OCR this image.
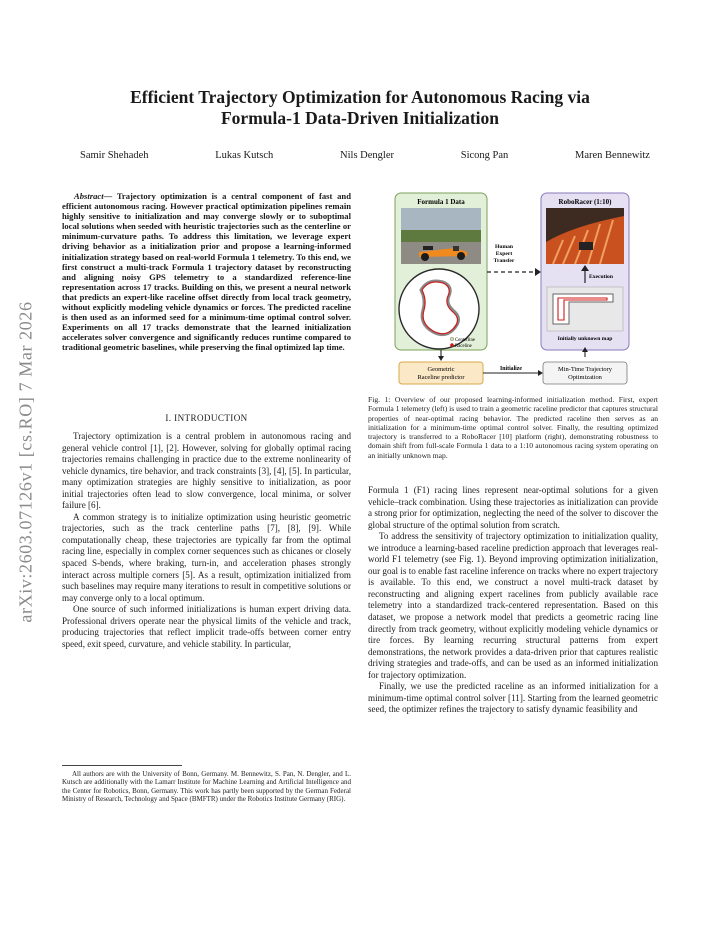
arXiv:2603.07126v1 [cs.RO] 7 Mar 2026
Efficient Trajectory Optimization for Autonomous Racing via
Formula-1 Data-Driven Initialization
Samir Shehadeh	Lukas Kutsch	Nils Dengler	Sicong Pan	Maren Bennewitz
Abstract— Trajectory optimization is a central component of fast and efficient autonomous racing. However practical optimization pipelines remain highly sensitive to initialization and may converge slowly or to suboptimal local solutions when seeded with heuristic trajectories such as the centerline or minimum-curvature paths. To address this limitation, we leverage expert driving behavior as a initialization prior and propose a learning-informed initialization strategy based on real-world Formula 1 telemetry. To this end, we first construct a multi-track Formula 1 trajectory dataset by reconstructing and aligning noisy GPS telemetry to a standardized reference-line representation across 17 tracks. Building on this, we present a neural network that predicts an expert-like raceline offset directly from local track geometry, without explicitly modeling vehicle dynamics or forces. The predicted raceline is then used as an informed seed for a minimum-time optimal control solver. Experiments on all 17 tracks demonstrate that the learned initialization accelerates solver convergence and significantly reduces runtime compared to traditional geometric baselines, while preserving the final optimized lap time.
I. INTRODUCTION

Trajectory optimization is a central problem in autonomous racing and general vehicle control [1], [2]. However, solving for globally optimal racing trajectories remains challenging in practice due to the extreme nonlinearity of vehicle dynamics, tire behavior, and track constraints [3], [4], [5]. In particular, many optimization strategies are highly sensitive to initialization, as poor initial trajectories often lead to slow convergence, local minima, or solver failure [6].

A common strategy is to initialize optimization using heuristic geometric trajectories, such as the track centerline paths [7], [8], [9]. While computationally cheap, these trajectories are typically far from the optimal racing line, especially in complex corner sequences such as chicanes or closely spaced S-bends, where braking, turn-in, and acceleration phases strongly interact across multiple corners [5]. As a result, optimization initialized from such baselines may require many iterations to result in competitive solutions or may converge only to a local optimum.

One source of such informed initializations is human expert driving data. Professional drivers operate near the physical limits of the vehicle and track, producing trajectories that reflect implicit trade-offs between corner entry speed, exit speed, curvature, and vehicle stability. In particular,

All authors are with the University of Bonn, Germany. M. Bennewitz, S. Pan, N. Dengler, and L. Kutsch are additionally with the Lamarr Institute for Machine Learning and Artificial Intelligence and the Center for Robotics, Bonn, Germany. This work has partly been supported by the German Federal Ministry of Research, Technology and Space (BMFTR) under the Robotics Institute Germany (RIG).
Formula 1 Data
Centerline
Raceline
Human
Expert
Transfer
RoboRacer (1:10)
Execution
Initially unknown map
Geometric
Raceline predictor
Initialize	Min-Time Trajectory
Optimization
Fig. 1: Overview of our proposed learning-informed initialization method. First, expert Formula 1 telemetry (left) is used to train a geometric raceline predictor that captures structural properties of near-optimal racing behavior. The predicted raceline then serves as an initialization for a minimum-time optimal control solver. Finally, the resulting optimized trajectory is transferred to a RoboRacer [10] platform (right), demonstrating robustness to domain shift from full-scale Formula 1 data to a 1:10 autonomous racing system operating on an initially unknown map.

Formula 1 (F1) racing lines represent near-optimal solutions for a given vehicle–track combination. Using these trajectories as initialization can provide a strong prior for optimization, neglecting the need of the solver to discover the global structure of the optimal solution from scratch.

To address the sensitivity of trajectory optimization to initialization quality, we introduce a learning-based raceline prediction approach that leverages real-world F1 telemetry (see Fig. 1). Beyond improving optimization initialization, our goal is to enable fast raceline inference on tracks where no expert trajectory is available. To this end, we construct a novel multi-track dataset by reconstructing and aligning expert racelines from publicly available race telemetry into a standardized track-centered representation. Based on this dataset, we propose a network model that predicts a geometric racing line directly from track geometry, without explicitly modeling vehicle dynamics or tire forces. By learning recurring structural patterns from expert demonstrations, the network provides a data-driven prior that captures realistic driving strategies and trade-offs, and can be used as an informed initialization for trajectory optimization.

Finally, we use the predicted raceline as an informed initialization for a minimum-time optimal control solver [11]. Starting from the learned geometric seed, the optimizer refines the trajectory to satisfy dynamic feasibility and
